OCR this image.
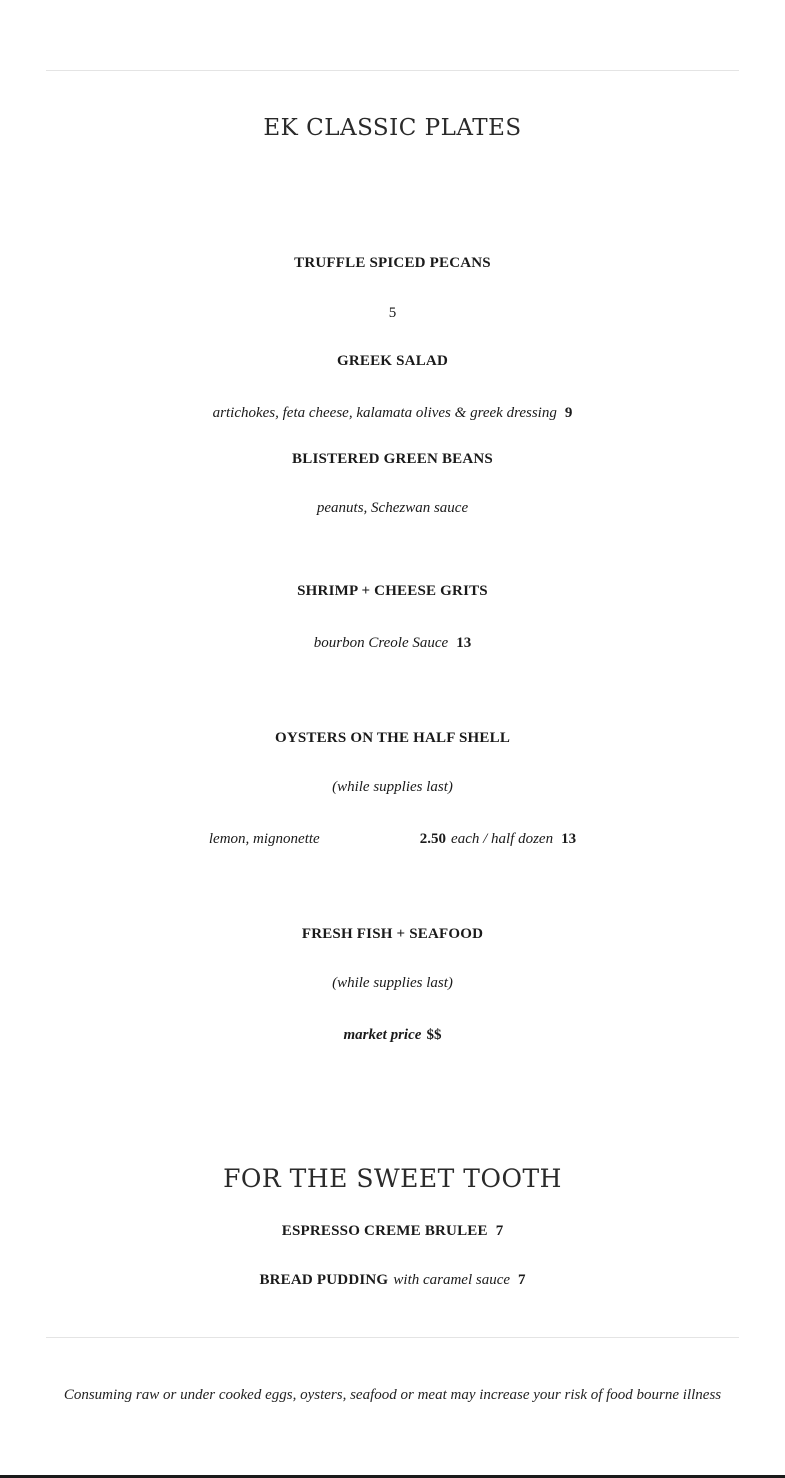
EK CLASSIC PLATES
TRUFFLE SPICED PECANS
5
GREEK SALAD
artichokes, feta cheese, kalamata olives & greek dressing 9
BLISTERED GREEN BEANS
peanuts, Schezwan sauce
SHRIMP + CHEESE GRITS
bourbon Creole Sauce 13
OYSTERS ON THE HALF SHELL
(while supplies last)
lemon, mignonette	2.50 each / half dozen 13
FRESH FISH + SEAFOOD
(while supplies last)
market price $$
FOR THE SWEET TOOTH
ESPRESSO CREME BRULEE 7
BREAD PUDDING with caramel sauce 7
Consuming raw or under cooked eggs, oysters, seafood or meat may increase your risk of food bourne illness
